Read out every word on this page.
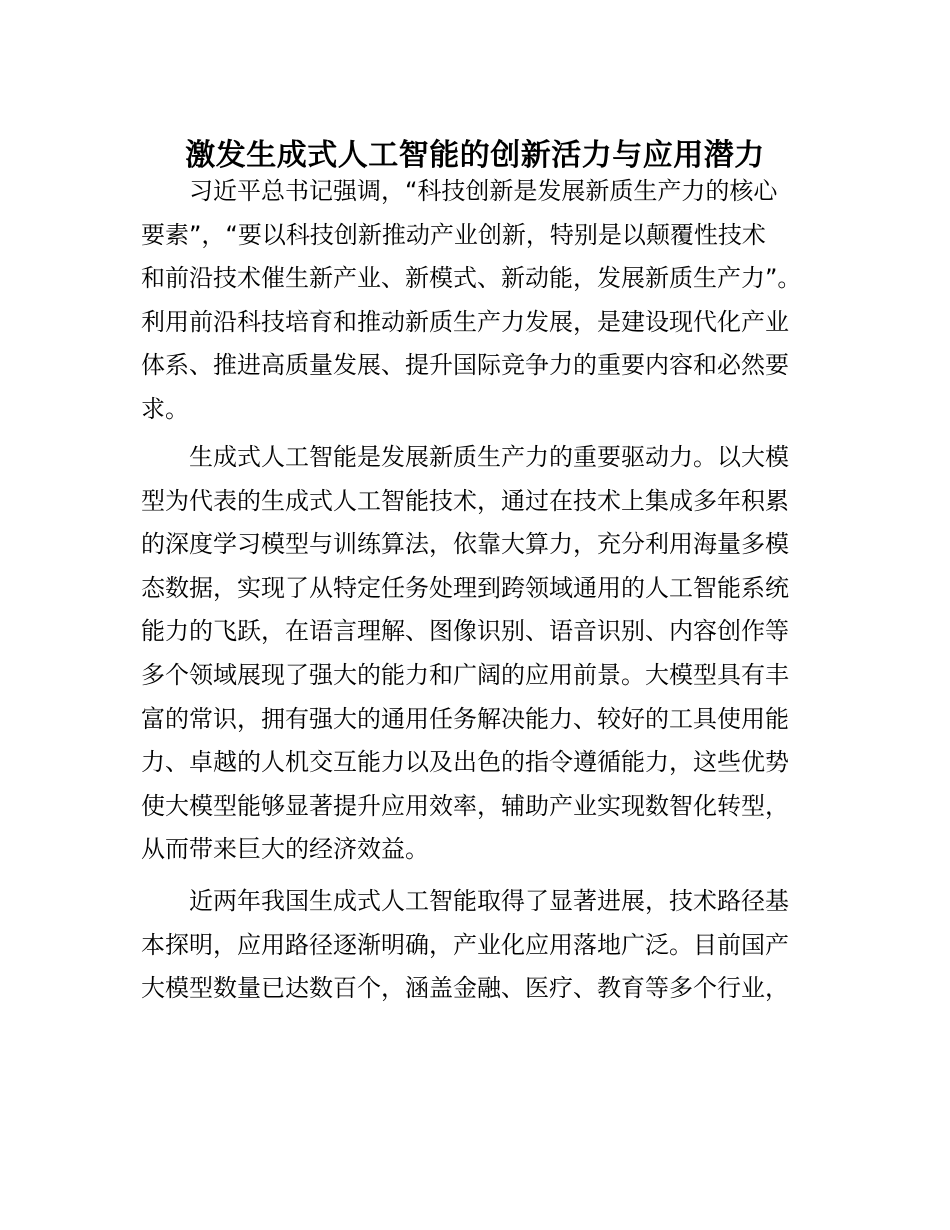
激发生成式人工智能的创新活力与应用潜力

　　习近平总书记强调，“科技创新是发展新质生产力的核心
要素”，“要以科技创新推动产业创新，特别是以颠覆性技术
和前沿技术催生新产业、新模式、新动能，发展新质生产力”。
利用前沿科技培育和推动新质生产力发展，是建设现代化产业
体系、推进高质量发展、提升国际竞争力的重要内容和必然要
求。

　　生成式人工智能是发展新质生产力的重要驱动力。以大模
型为代表的生成式人工智能技术，通过在技术上集成多年积累
的深度学习模型与训练算法，依靠大算力，充分利用海量多模
态数据，实现了从特定任务处理到跨领域通用的人工智能系统
能力的飞跃，在语言理解、图像识别、语音识别、内容创作等
多个领域展现了强大的能力和广阔的应用前景。大模型具有丰
富的常识，拥有强大的通用任务解决能力、较好的工具使用能
力、卓越的人机交互能力以及出色的指令遵循能力，这些优势
使大模型能够显著提升应用效率，辅助产业实现数智化转型，
从而带来巨大的经济效益。

　　近两年我国生成式人工智能取得了显著进展，技术路径基
本探明，应用路径逐渐明确，产业化应用落地广泛。目前国产
大模型数量已达数百个，涵盖金融、医疗、教育等多个行业，
